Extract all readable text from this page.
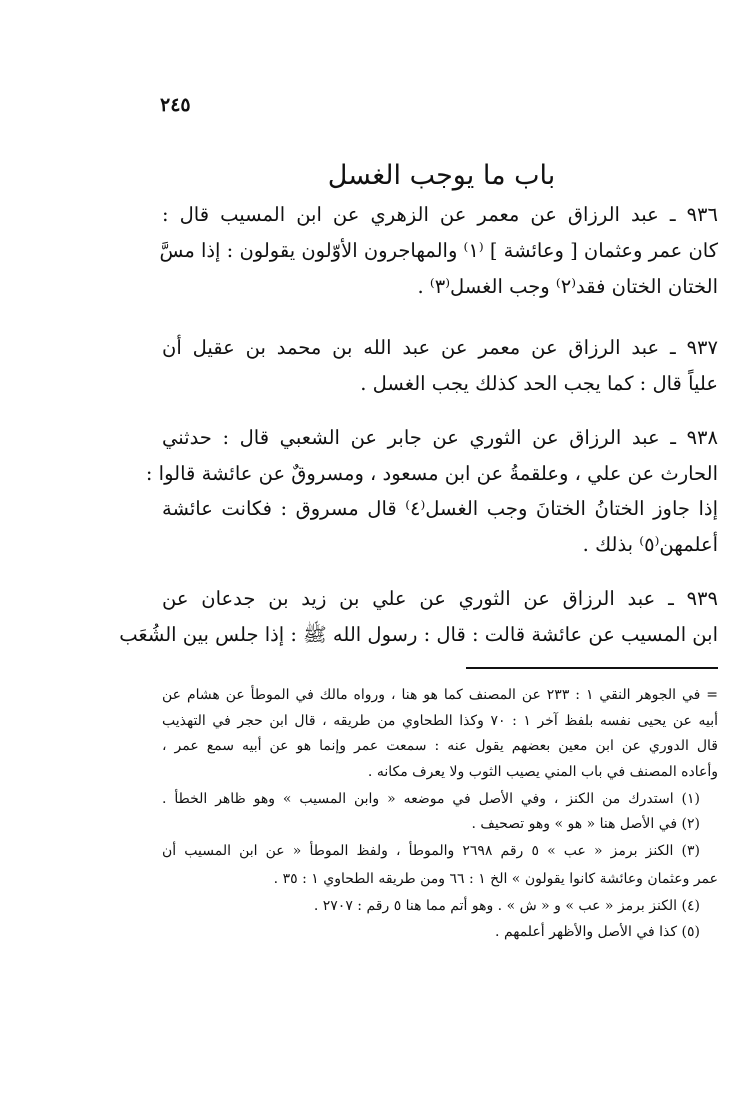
٢٤٥
باب ما يوجب الغسل
٩٣٦ ـ عبد الرزاق عن معمر عن الزهري عن ابن المسيب قال :
كان عمر وعثمان [ وعائشة ] ⁽١⁾ والمهاجرون الأوّلون يقولون : إذا مسَّ
الختان الختان فقد⁽٢⁾ وجب الغسل⁽٣⁾ .
٩٣٧ ـ عبد الرزاق عن معمر عن عبد الله بن محمد بن عقيل أن
علياً قال : كما يجب الحد كذلك يجب الغسل .
٩٣٨ ـ عبد الرزاق عن الثوري عن جابر عن الشعبي قال : حدثني
الحارث عن علي ، وعلقمةُ عن ابن مسعود ، ومسروقٌ عن عائشة قالوا :
إذا جاوز الختانُ الختانَ وجب الغسل⁽٤⁾ قال مسروق : فكانت عائشة
أعلمهن⁽٥⁾ بذلك .
٩٣٩ ـ عبد الرزاق عن الثوري عن علي بن زيد بن جدعان عن
ابن المسيب عن عائشة قالت : قال : رسول الله ﷺ : إذا جلس بين الشُعَب
= في الجوهر النقي ١ : ٢٣٣ عن المصنف كما هو هنا ، ورواه مالك في الموطأ عن هشام عن
أبيه عن يحيى نفسه بلفظ آخر ١ : ٧٠ وكذا الطحاوي من طريقه ، قال ابن حجر في التهذيب
قال الدوري عن ابن معين بعضهم يقول عنه : سمعت عمر وإنما هو عن أبيه سمع عمر ،
وأعاده المصنف في باب المني يصيب الثوب ولا يعرف مكانه .
(١) استدرك من الكنز ، وفي الأصل في موضعه « وابن المسيب » وهو ظاهر الخطأ .
(٢) في الأصل هنا « هو » وهو تصحيف .
(٣) الكنز برمز « عب » ٥ رقم ٢٦٩٨ والموطأ ، ولفظ الموطأ « عن ابن المسيب أن
عمر وعثمان وعائشة كانوا يقولون » الخ ١ : ٦٦ ومن طريقه الطحاوي ١ : ٣٥ .
(٤) الكنز برمز « عب » و « ش » . وهو أتم مما هنا ٥ رقم : ٢٧٠٧ .
(٥) كذا في الأصل والأظهر أعلمهم .
